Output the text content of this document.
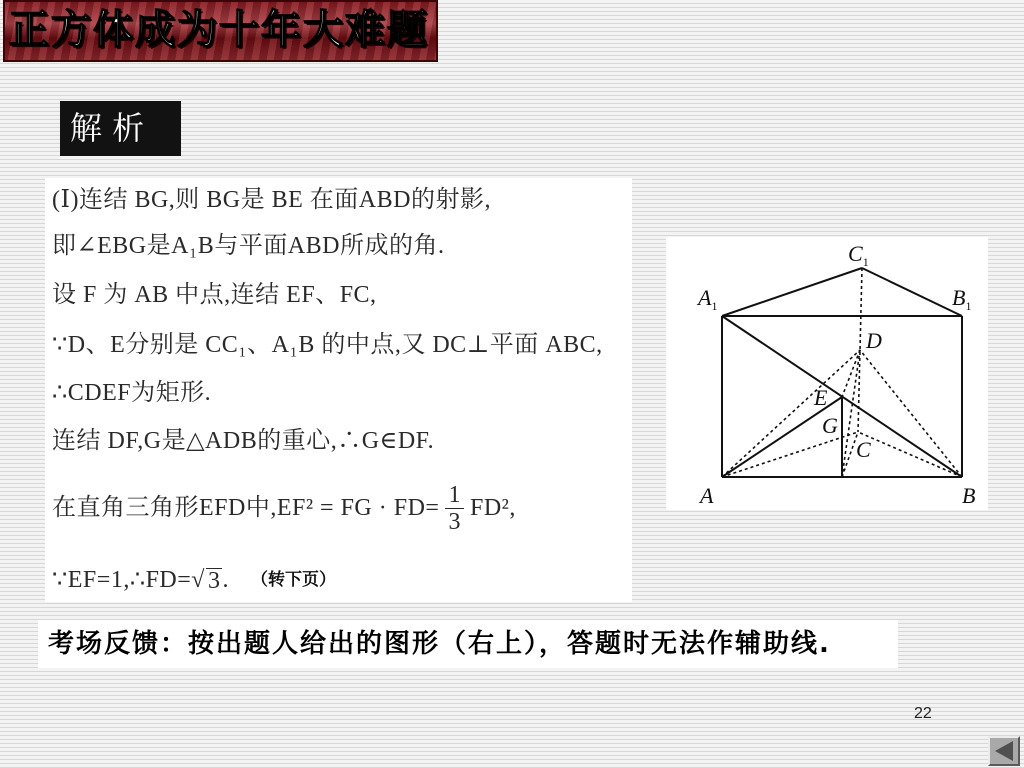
正方体成为十年大难题
解 析
(Ⅰ)连结 BG,则 BG是 BE 在面ABD的射影,
即∠EBG是A₁B与平面ABD所成的角.
设 F 为 AB 中点,连结 EF、FC,
∵D、E分别是 CC₁、A₁B 的中点,又 DC⊥平面 ABC,
∴CDEF为矩形.
连结 DF,G是△ADB的重心,∴G∈DF.
在直角三角形EFD中,EF² = FG · $FD= \frac{1}{3} FD^2$,
∵EF=1,∴FD= √ 3 . （转下页）
$C_1$
$A_1$	$B_1$
D
E
G
C
A	B
考场反馈：按出题人给出的图形（右上），答题时无法作辅助线.
22
